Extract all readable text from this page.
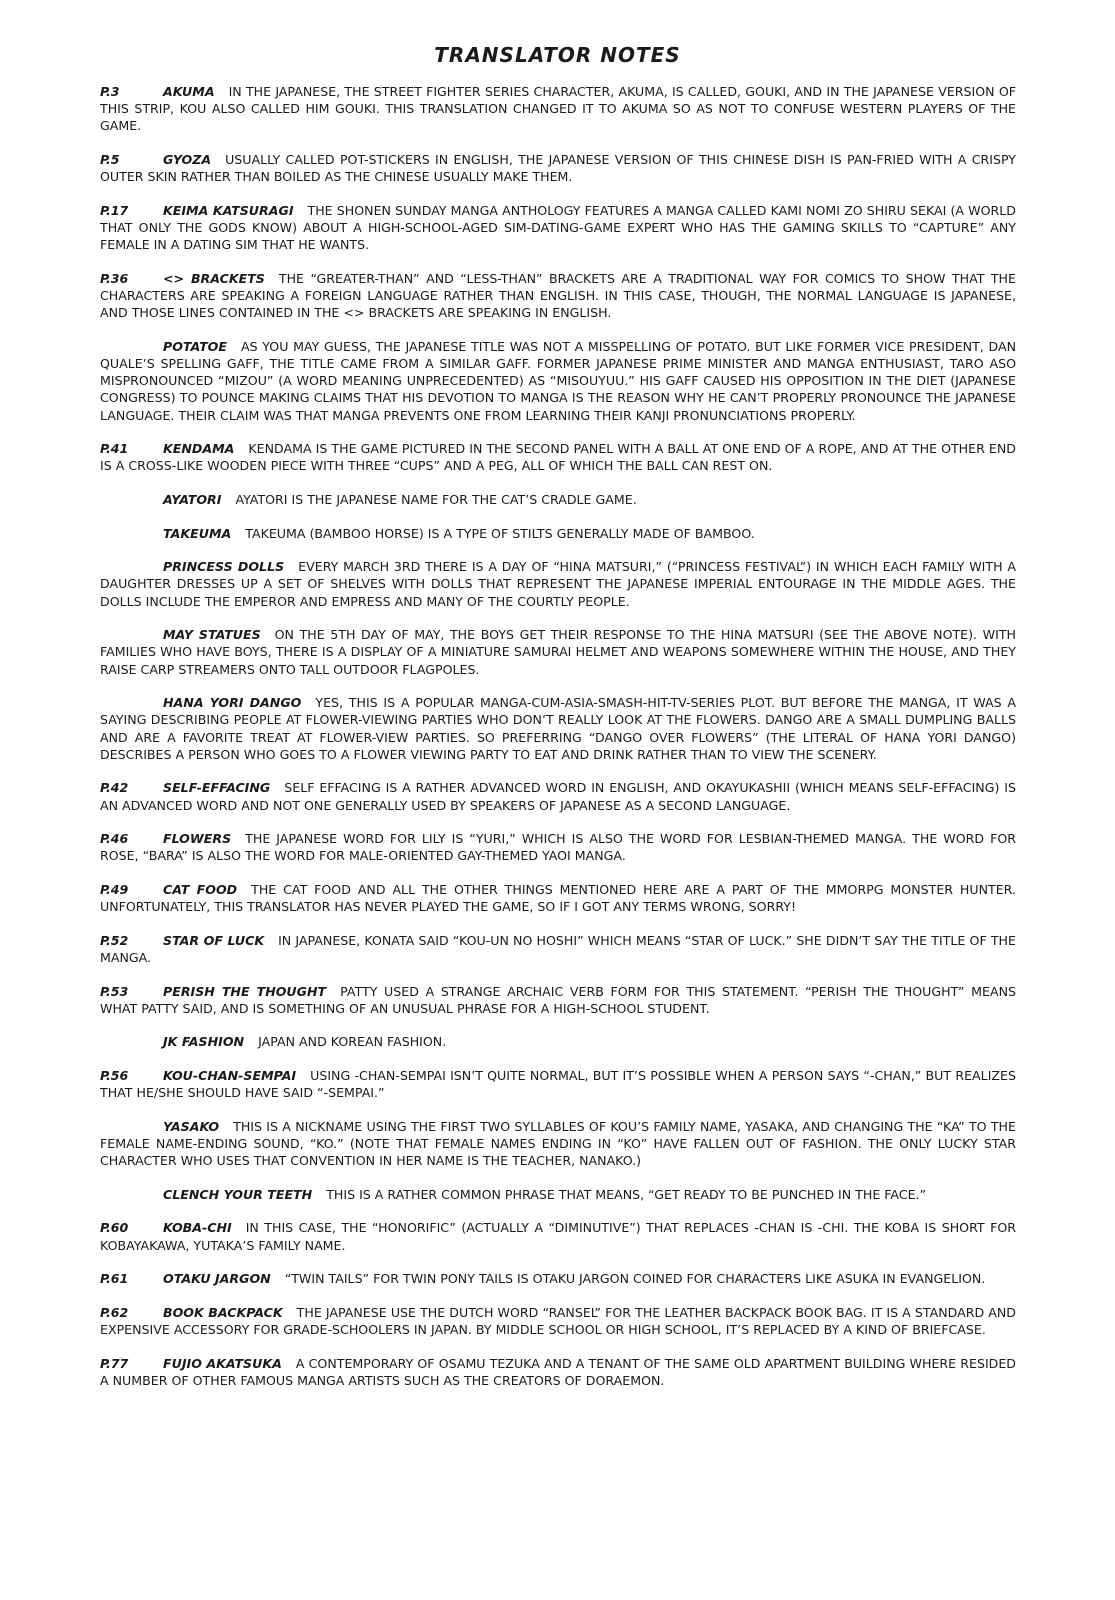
TRANSLATOR NOTES

P.3	AKUMA IN THE JAPANESE, THE STREET FIGHTER SERIES CHARACTER, AKUMA, IS CALLED, GOUKI, AND IN THE JAPANESE VERSION OF THIS STRIP, KOU ALSO CALLED HIM GOUKI. THIS TRANSLATION CHANGED IT TO AKUMA SO AS NOT TO CONFUSE WESTERN PLAYERS OF THE GAME.

P.5	GYOZA USUALLY CALLED POT-STICKERS IN ENGLISH, THE JAPANESE VERSION OF THIS CHINESE DISH IS PAN-FRIED WITH A CRISPY OUTER SKIN RATHER THAN BOILED AS THE CHINESE USUALLY MAKE THEM.

P.17	KEIMA KATSURAGI THE SHONEN SUNDAY MANGA ANTHOLOGY FEATURES A MANGA CALLED KAMI NOMI ZO SHIRU SEKAI (A WORLD THAT ONLY THE GODS KNOW) ABOUT A HIGH-SCHOOL-AGED SIM-DATING-GAME EXPERT WHO HAS THE GAMING SKILLS TO “CAPTURE” ANY FEMALE IN A DATING SIM THAT HE WANTS.

P.36	<> BRACKETS THE “GREATER-THAN” AND “LESS-THAN” BRACKETS ARE A TRADITIONAL WAY FOR COMICS TO SHOW THAT THE CHARACTERS ARE SPEAKING A FOREIGN LANGUAGE RATHER THAN ENGLISH. IN THIS CASE, THOUGH, THE NORMAL LANGUAGE IS JAPANESE, AND THOSE LINES CONTAINED IN THE <> BRACKETS ARE SPEAKING IN ENGLISH.

POTATOE AS YOU MAY GUESS, THE JAPANESE TITLE WAS NOT A MISSPELLING OF POTATO. BUT LIKE FORMER VICE PRESIDENT, DAN QUALE’S SPELLING GAFF, THE TITLE CAME FROM A SIMILAR GAFF. FORMER JAPANESE PRIME MINISTER AND MANGA ENTHUSIAST, TARO ASO MISPRONOUNCED “MIZOU” (A WORD MEANING UNPRECEDENTED) AS “MISOUYUU.” HIS GAFF CAUSED HIS OPPOSITION IN THE DIET (JAPANESE CONGRESS) TO POUNCE MAKING CLAIMS THAT HIS DEVOTION TO MANGA IS THE REASON WHY HE CAN’T PROPERLY PRONOUNCE THE JAPANESE LANGUAGE. THEIR CLAIM WAS THAT MANGA PREVENTS ONE FROM LEARNING THEIR KANJI PRONUNCIATIONS PROPERLY.

P.41	KENDAMA KENDAMA IS THE GAME PICTURED IN THE SECOND PANEL WITH A BALL AT ONE END OF A ROPE, AND AT THE OTHER END IS A CROSS-LIKE WOODEN PIECE WITH THREE “CUPS” AND A PEG, ALL OF WHICH THE BALL CAN REST ON.

AYATORI AYATORI IS THE JAPANESE NAME FOR THE CAT’S CRADLE GAME.

TAKEUMA TAKEUMA (BAMBOO HORSE) IS A TYPE OF STILTS GENERALLY MADE OF BAMBOO.

PRINCESS DOLLS EVERY MARCH 3RD THERE IS A DAY OF “HINA MATSURI,” (“PRINCESS FESTIVAL”) IN WHICH EACH FAMILY WITH A DAUGHTER DRESSES UP A SET OF SHELVES WITH DOLLS THAT REPRESENT THE JAPANESE IMPERIAL ENTOURAGE IN THE MIDDLE AGES. THE DOLLS INCLUDE THE EMPEROR AND EMPRESS AND MANY OF THE COURTLY PEOPLE.

MAY STATUES ON THE 5TH DAY OF MAY, THE BOYS GET THEIR RESPONSE TO THE HINA MATSURI (SEE THE ABOVE NOTE). WITH FAMILIES WHO HAVE BOYS, THERE IS A DISPLAY OF A MINIATURE SAMURAI HELMET AND WEAPONS SOMEWHERE WITHIN THE HOUSE, AND THEY RAISE CARP STREAMERS ONTO TALL OUTDOOR FLAGPOLES.

HANA YORI DANGO YES, THIS IS A POPULAR MANGA-CUM-ASIA-SMASH-HIT-TV-SERIES PLOT. BUT BEFORE THE MANGA, IT WAS A SAYING DESCRIBING PEOPLE AT FLOWER-VIEWING PARTIES WHO DON’T REALLY LOOK AT THE FLOWERS. DANGO ARE A SMALL DUMPLING BALLS AND ARE A FAVORITE TREAT AT FLOWER-VIEW PARTIES. SO PREFERRING “DANGO OVER FLOWERS” (THE LITERAL OF HANA YORI DANGO) DESCRIBES A PERSON WHO GOES TO A FLOWER VIEWING PARTY TO EAT AND DRINK RATHER THAN TO VIEW THE SCENERY.

P.42	SELF-EFFACING SELF EFFACING IS A RATHER ADVANCED WORD IN ENGLISH, AND OKAYUKASHII (WHICH MEANS SELF-EFFACING) IS AN ADVANCED WORD AND NOT ONE GENERALLY USED BY SPEAKERS OF JAPANESE AS A SECOND LANGUAGE.

P.46	FLOWERS THE JAPANESE WORD FOR LILY IS “YURI,” WHICH IS ALSO THE WORD FOR LESBIAN-THEMED MANGA. THE WORD FOR ROSE, “BARA” IS ALSO THE WORD FOR MALE-ORIENTED GAY-THEMED YAOI MANGA.

P.49	CAT FOOD THE CAT FOOD AND ALL THE OTHER THINGS MENTIONED HERE ARE A PART OF THE MMORPG MONSTER HUNTER. UNFORTUNATELY, THIS TRANSLATOR HAS NEVER PLAYED THE GAME, SO IF I GOT ANY TERMS WRONG, SORRY!

P.52	STAR OF LUCK IN JAPANESE, KONATA SAID “KOU-UN NO HOSHI” WHICH MEANS “STAR OF LUCK.” SHE DIDN’T SAY THE TITLE OF THE MANGA.

P.53	PERISH THE THOUGHT PATTY USED A STRANGE ARCHAIC VERB FORM FOR THIS STATEMENT. “PERISH THE THOUGHT” MEANS WHAT PATTY SAID, AND IS SOMETHING OF AN UNUSUAL PHRASE FOR A HIGH-SCHOOL STUDENT.

JK FASHION JAPAN AND KOREAN FASHION.

P.56	KOU-CHAN-SEMPAI USING -CHAN-SEMPAI ISN’T QUITE NORMAL, BUT IT’S POSSIBLE WHEN A PERSON SAYS “-CHAN,” BUT REALIZES THAT HE/SHE SHOULD HAVE SAID “-SEMPAI.”

YASAKO THIS IS A NICKNAME USING THE FIRST TWO SYLLABLES OF KOU’S FAMILY NAME, YASAKA, AND CHANGING THE “KA” TO THE FEMALE NAME-ENDING SOUND, “KO.” (NOTE THAT FEMALE NAMES ENDING IN “KO” HAVE FALLEN OUT OF FASHION. THE ONLY LUCKY STAR CHARACTER WHO USES THAT CONVENTION IN HER NAME IS THE TEACHER, NANAKO.)

CLENCH YOUR TEETH THIS IS A RATHER COMMON PHRASE THAT MEANS, “GET READY TO BE PUNCHED IN THE FACE.”

P.60	KOBA-CHI IN THIS CASE, THE “HONORIFIC” (ACTUALLY A “DIMINUTIVE”) THAT REPLACES -CHAN IS -CHI. THE KOBA IS SHORT FOR KOBAYAKAWA, YUTAKA’S FAMILY NAME.

P.61	OTAKU JARGON “TWIN TAILS” FOR TWIN PONY TAILS IS OTAKU JARGON COINED FOR CHARACTERS LIKE ASUKA IN EVANGELION.

P.62	BOOK BACKPACK THE JAPANESE USE THE DUTCH WORD “RANSEL” FOR THE LEATHER BACKPACK BOOK BAG. IT IS A STANDARD AND EXPENSIVE ACCESSORY FOR GRADE-SCHOOLERS IN JAPAN. BY MIDDLE SCHOOL OR HIGH SCHOOL, IT’S REPLACED BY A KIND OF BRIEFCASE.

P.77	FUJIO AKATSUKA A CONTEMPORARY OF OSAMU TEZUKA AND A TENANT OF THE SAME OLD APARTMENT BUILDING WHERE RESIDED A NUMBER OF OTHER FAMOUS MANGA ARTISTS SUCH AS THE CREATORS OF DORAEMON.
